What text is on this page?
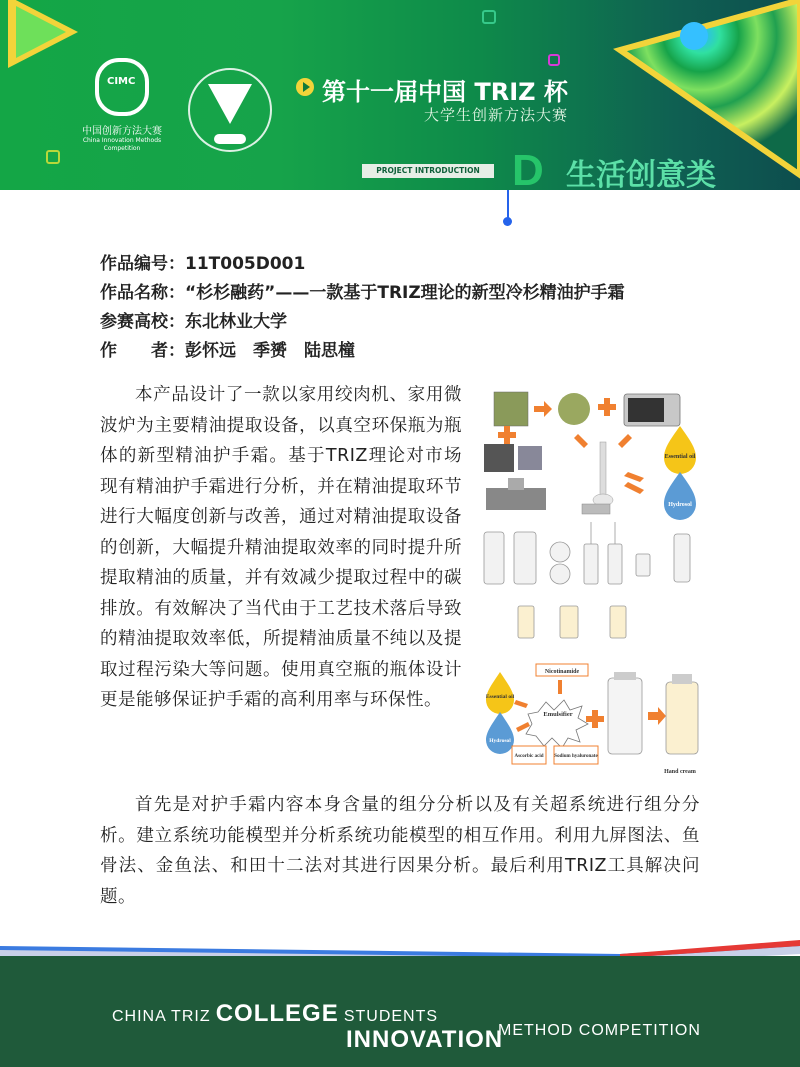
CIMC
中国创新方法大赛
China Innovation Methods Competition
第十一届中国 TRIZ 杯
大学生创新方法大赛
PROJECT INTRODUCTION D 生活创意类
作品编号：11T005D001
作品名称：“杉杉融药”——一款基于TRIZ理论的新型冷杉精油护手霜
参赛高校：东北林业大学
作　　者：彭怀远　季赟　陆思橦
本产品设计了一款以家用绞肉机、家用微波炉为主要精油提取设备，以真空环保瓶为瓶体的新型精油护手霜。基于TRIZ理论对市场现有精油护手霜进行分析，并在精油提取环节进行大幅度创新与改善，通过对精油提取设备的创新，大幅提升精油提取效率的同时提升所提取精油的质量，并有效减少提取过程中的碳排放。有效解决了当代由于工艺技术落后导致的精油提取效率低，所提精油质量不纯以及提取过程污染大等问题。使用真空瓶的瓶体设计更是能够保证护手霜的高利用率与环保性。
首先是对护手霜内容本身含量的组分分析以及有关超系统进行组分分析。建立系统功能模型并分析系统功能模型的相互作用。利用九屏图法、鱼骨法、金鱼法、和田十二法对其进行因果分析。最后利用TRIZ工具解决问题。
Essential oil
Hydrosol
Essential oil
Hydrosol
Nicotinamide
Emulsifier
Ascorbic acid Sodium hyaluronate
Hand cream
CHINA TRIZ COLLEGE STUDENTS
INNOVATION
METHOD COMPETITION
